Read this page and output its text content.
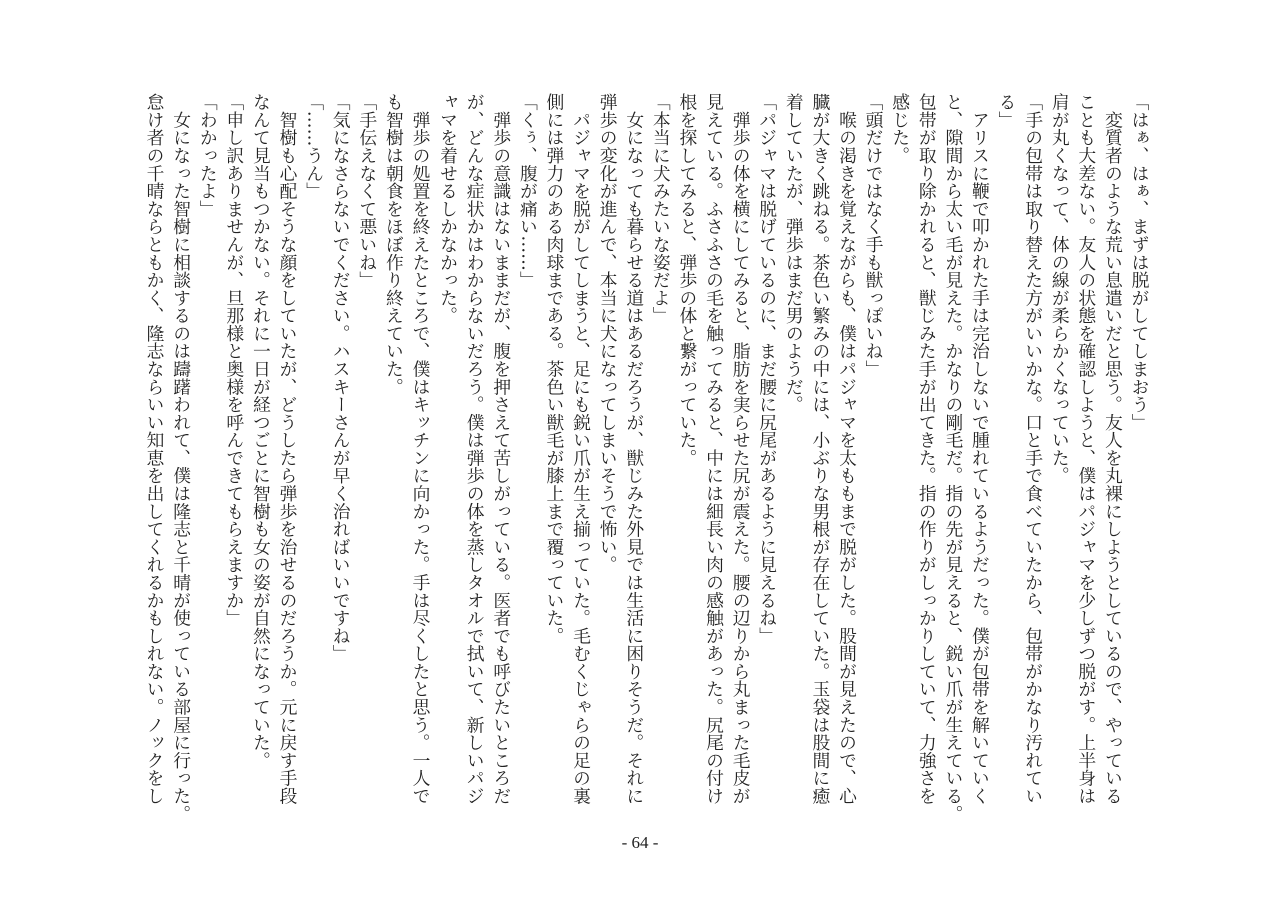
「はぁ、はぁ、まずは脱がしてしまおう」
　変質者のような荒い息遣いだと思う。友人を丸裸にしようとしているので、やっている
ことも大差ない。友人の状態を確認しようと、僕はパジャマを少しずつ脱がす。上半身は
肩が丸くなって、体の線が柔らかくなっていた。
「手の包帯は取り替えた方がいいかな。口と手で食べていたから、包帯がかなり汚れてい
る」
　アリスに鞭で叩かれた手は完治しないで腫れているようだった。僕が包帯を解いていく
と、隙間から太い毛が見えた。かなりの剛毛だ。指の先が見えると、鋭い爪が生えている。
包帯が取り除かれると、獣じみた手が出てきた。指の作りがしっかりしていて、力強さを
感じた。
「頭だけではなく手も獣っぽいね」
　喉の渇きを覚えながらも、僕はパジャマを太ももまで脱がした。股間が見えたので、心
臓が大きく跳ねる。茶色い繁みの中には、小ぶりな男根が存在していた。玉袋は股間に癒
着していたが、弾歩はまだ男のようだ。
「パジャマは脱げているのに、まだ腰に尻尾があるように見えるね」
　弾歩の体を横にしてみると、脂肪を実らせた尻が震えた。腰の辺りから丸まった毛皮が
見えている。ふさふさの毛を触ってみると、中には細長い肉の感触があった。尻尾の付け
根を探してみると、弾歩の体と繋がっていた。
「本当に犬みたいな姿だよ」
　女になっても暮らせる道はあるだろうが、獣じみた外見では生活に困りそうだ。それに
弾歩の変化が進んで、本当に犬になってしまいそうで怖い。
　パジャマを脱がしてしまうと、足にも鋭い爪が生え揃っていた。毛むくじゃらの足の裏
側には弾力のある肉球まである。茶色い獣毛が膝上まで覆っていた。
「くぅ、腹が痛い……」
　弾歩の意識はないままだが、腹を押さえて苦しがっている。医者でも呼びたいところだ
が、どんな症状かはわからないだろう。僕は弾歩の体を蒸しタオルで拭いて、新しいパジ
ャマを着せるしかなかった。
　弾歩の処置を終えたところで、僕はキッチンに向かった。手は尽くしたと思う。一人で
も智樹は朝食をほぼ作り終えていた。
「手伝えなくて悪いね」
「気になさらないでください。ハスキーさんが早く治ればいいですね」
「……うん」
　智樹も心配そうな顔をしていたが、どうしたら弾歩を治せるのだろうか。元に戻す手段
なんて見当もつかない。それに一日が経つごとに智樹も女の姿が自然になっていた。
「申し訳ありませんが、旦那様と奥様を呼んできてもらえますか」
「わかったよ」
　女になった智樹に相談するのは躊躇われて、僕は隆志と千晴が使っている部屋に行った。
怠け者の千晴ならともかく、隆志ならいい知恵を出してくれるかもしれない。ノックをし
- 64 -
